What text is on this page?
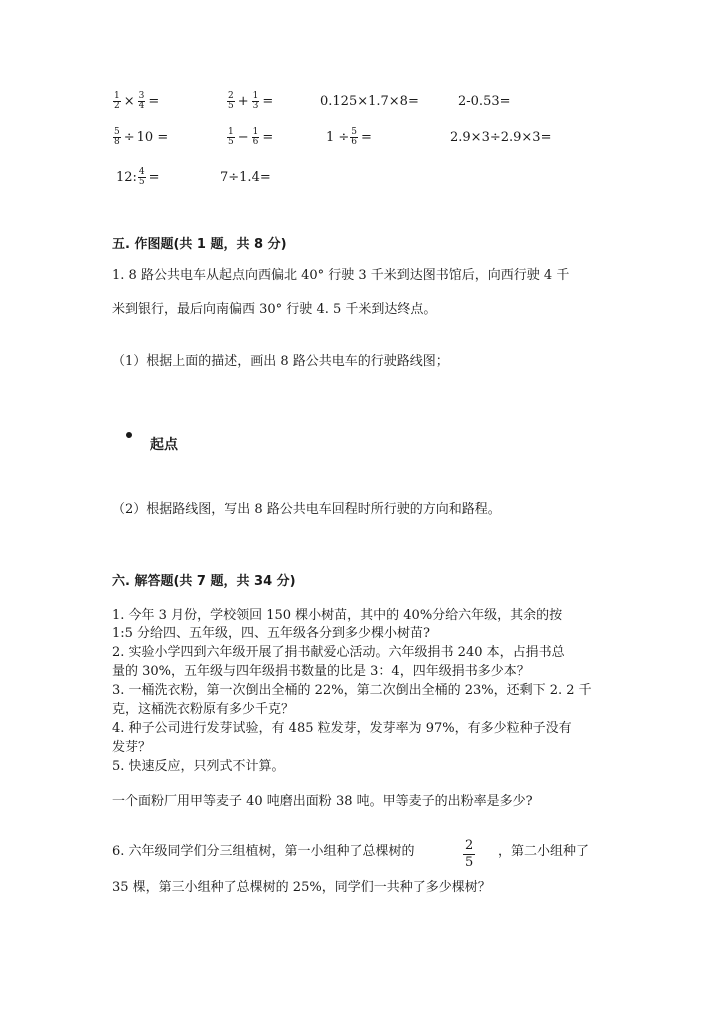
$\frac{1}{2} \times \frac{3}{4}$ =	$\frac{2}{5} + \frac{1}{3}$ =	0.125×1.7×8=	2-0.53=
$\frac{5}{8} \div 10$ =	$\frac{1}{5} - \frac{1}{6}$ =	$1 \div \frac{5}{6}$ =	2.9×3÷2.9×3=
12: $\frac{4}{5}$ =	7÷1.4=
五. 作图题(共 1 题，共 8 分)
1. 8 路公共电车从起点向西偏北 40° 行驶 3 千米到达图书馆后，向西行驶 4 千
米到银行，最后向南偏西 30° 行驶 4. 5 千米到达终点。
（1）根据上面的描述，画出 8 路公共电车的行驶路线图；
起点
（2）根据路线图，写出 8 路公共电车回程时所行驶的方向和路程。
六. 解答题(共 7 题，共 34 分)
1. 今年 3 月份，学校领回 150 棵小树苗，其中的 40%分给六年级，其余的按
1:5 分给四、五年级，四、五年级各分到多少棵小树苗?
2. 实验小学四到六年级开展了捐书献爱心活动。六年级捐书 240 本，占捐书总
量的 30%，五年级与四年级捐书数量的比是 3：4，四年级捐书多少本？
3. 一桶洗衣粉，第一次倒出全桶的 22%，第二次倒出全桶的 23%，还剩下 2. 2 千
克，这桶洗衣粉原有多少千克？
4. 种子公司进行发芽试验，有 485 粒发芽，发芽率为 97%，有多少粒种子没有
发芽？
5. 快速反应，只列式不计算。
一个面粉厂用甲等麦子 40 吨磨出面粉 38 吨。甲等麦子的出粉率是多少?
6. 六年级同学们分三组植树，第一小组种了总棵树的	$\frac{2}{5}$ ，第二小组种了
35 棵，第三小组种了总棵树的 25%，同学们一共种了多少棵树？
